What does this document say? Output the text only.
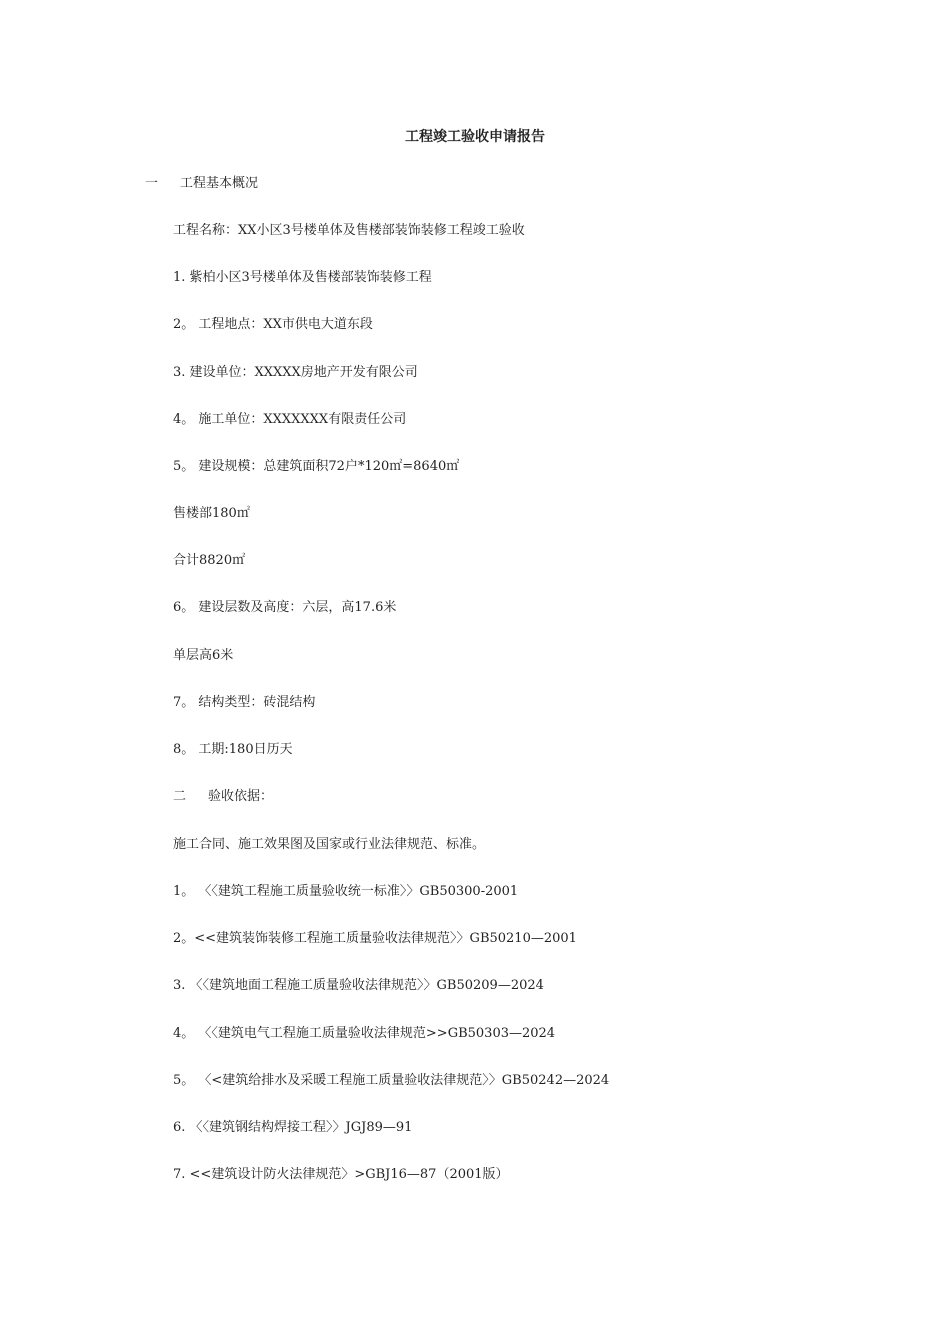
工程竣工验收申请报告
一 工程基本概况
工程名称：XX小区3号楼单体及售楼部装饰装修工程竣工验收
1. 紫柏小区3号楼单体及售楼部装饰装修工程
2。 工程地点：XX市供电大道东段
3. 建设单位：XXXXX房地产开发有限公司
4。 施工单位：XXXXXXX有限责任公司
5。 建设规模：总建筑面积72户*120㎡=8640㎡
售楼部180㎡
合计8820㎡
6。 建设层数及高度：六层，高17.6米
单层高6米
7。 结构类型：砖混结构
8。 工期:180日历天
二 验收依据：
施工合同、施工效果图及国家或行业法律规范、标准。
1。 〈〈建筑工程施工质量验收统一标准〉〉GB50300-2001
2。<<建筑装饰装修工程施工质量验收法律规范〉〉GB50210—2001
3. 〈〈建筑地面工程施工质量验收法律规范〉〉GB50209—2024
4。 〈〈建筑电气工程施工质量验收法律规范>>GB50303—2024
5。 〈<建筑给排水及采暖工程施工质量验收法律规范〉〉GB50242—2024
6. 〈〈建筑钢结构焊接工程〉〉JGJ89—91
7. <<建筑设计防火法律规范〉>GBJ16—87（2001版）
